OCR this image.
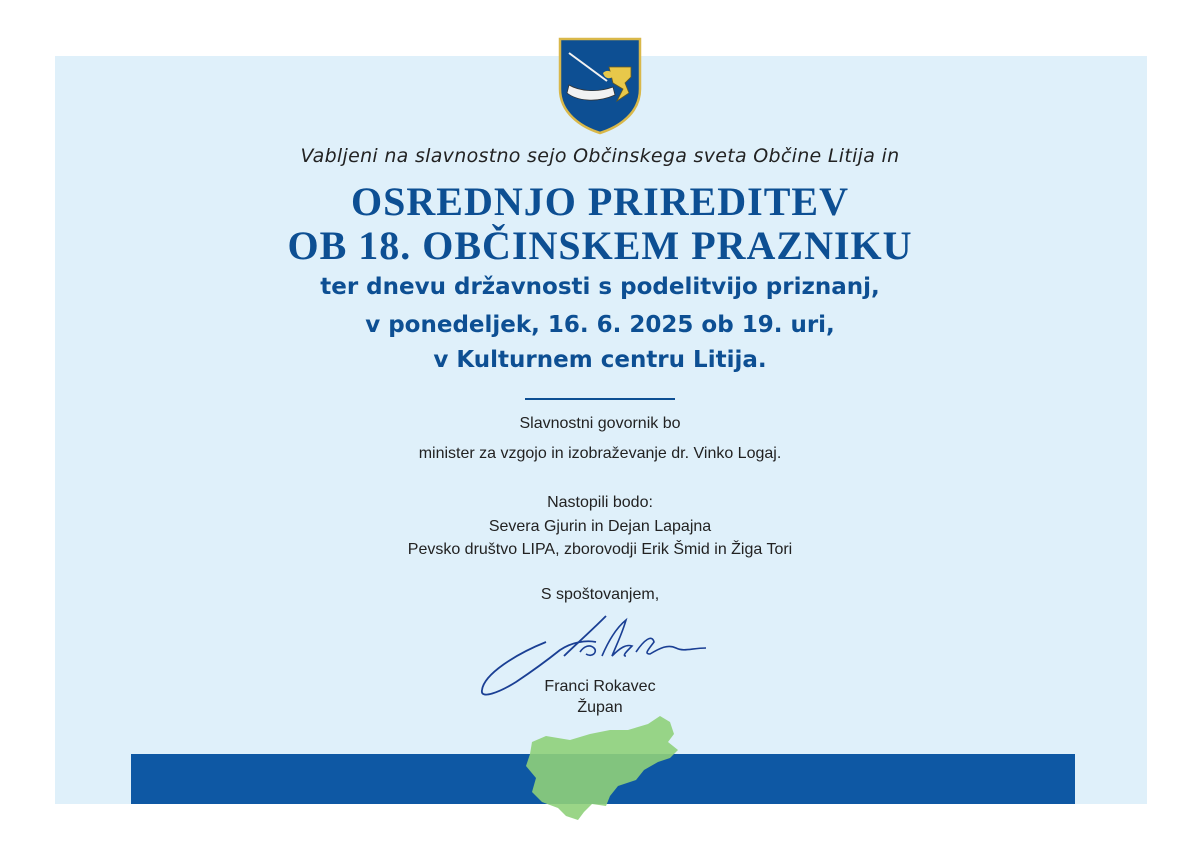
Vabljeni na slavnostno sejo Občinskega sveta Občine Litija in
OSREDNJO PRIREDITEV
OB 18. OBČINSKEM PRAZNIKU
ter dnevu državnosti s podelitvijo priznanj,
v ponedeljek, 16. 6. 2025 ob 19. uri,
v Kulturnem centru Litija.
Slavnostni govornik bo
minister za vzgojo in izobraževanje dr. Vinko Logaj.
Nastopili bodo:
Severa Gjurin in Dejan Lapajna
Pevsko društvo LIPA, zborovodji Erik Šmid in Žiga Tori
S spoštovanjem,
Franci Rokavec
Župan
